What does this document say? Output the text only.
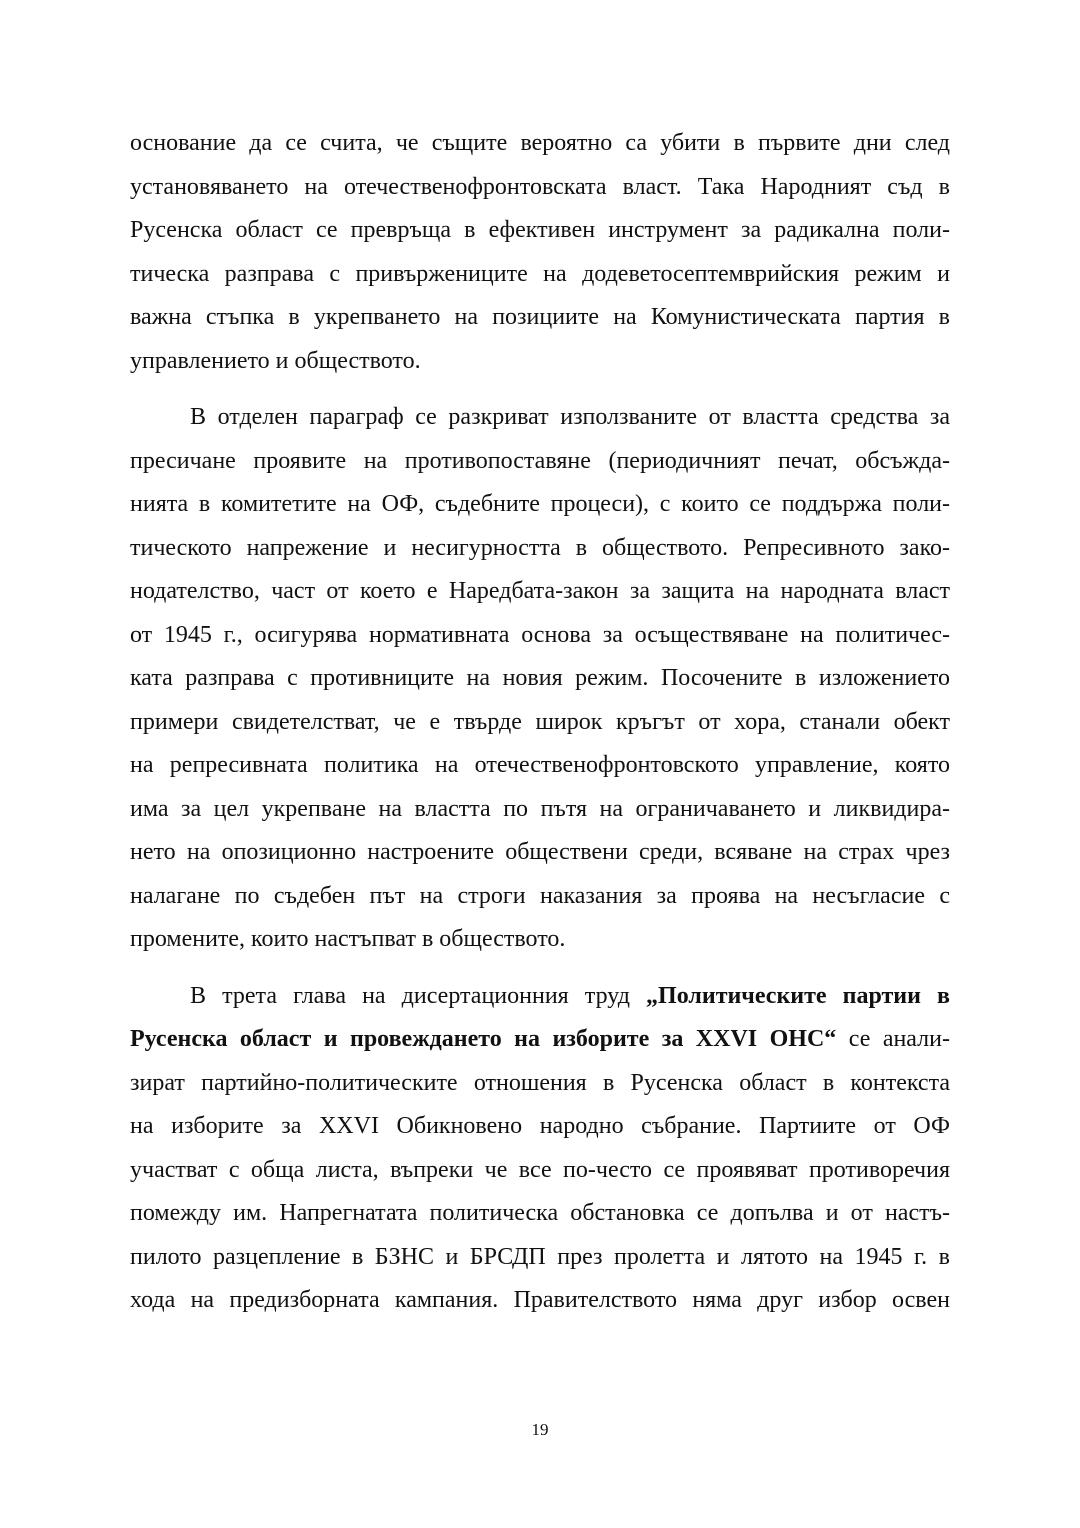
основание да се счита, че същите вероятно са убити в първите дни след
установяването на отечественофронтовската власт. Така Народният съд в
Русенска област се превръща в ефективен инструмент за радикална поли-
тическа разправа с привържениците на додеветосептемврийския режим и
важна стъпка в укрепването на позициите на Комунистическата партия в
управлението и обществото.
В отделен параграф се разкриват използваните от властта средства за
пресичане проявите на противопоставяне (периодичният печат, обсъжда-
нията в комитетите на ОФ, съдебните процеси), с които се поддържа поли-
тическото напрежение и несигурността в обществото. Репресивното зако-
нодателство, част от което е Наредбата-закон за защита на народната власт
от 1945 г., осигурява нормативната основа за осъществяване на политичес-
ката разправа с противниците на новия режим. Посочените в изложението
примери свидетелстват, че е твърде широк кръгът от хора, станали обект
на репресивната политика на отечественофронтовското управление, която
има за цел укрепване на властта по пътя на ограничаването и ликвидира-
нето на опозиционно настроените обществени среди, всяване на страх чрез
налагане по съдебен път на строги наказания за проява на несъгласие с
промените, които настъпват в обществото.
В трета глава на дисертационния труд „Политическите партии в
Русенска област и провеждането на изборите за XXVI ОНС“ се анали-
зират партийно-политическите отношения в Русенска област в контекста
на изборите за XXVI Обикновено народно събрание. Партиите от ОФ
участват с обща листа, въпреки че все по-често се проявяват противоречия
помежду им. Напрегнатата политическа обстановка се допълва и от настъ-
пилото разцепление в БЗНС и БРСДП през пролетта и лятото на 1945 г. в
хода на предизборната кампания. Правителството няма друг избор освен
19
